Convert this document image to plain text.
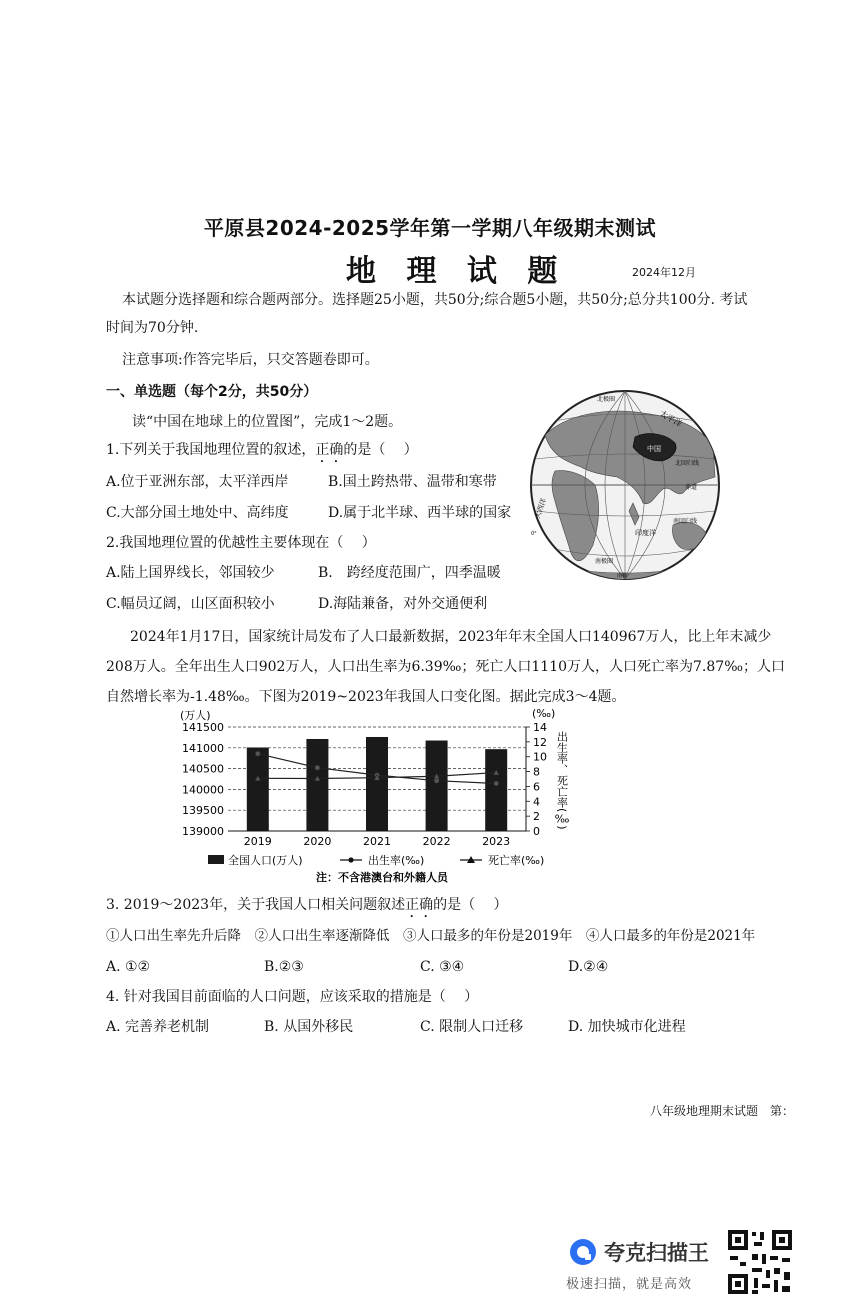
平原县2024-2025学年第一学期八年级期末测试
地 理 试 题	2024年12月
本试题分选择题和综合题两部分。选择题25小题，共50分;综合题5小题，共50分;总分共100分. 考试
时间为70分钟.
注意事项:作答完毕后，只交答题卷即可。
一、单选题（每个2分，共50分）
读“中国在地球上的位置图”，完成1～2题。
1.下列关于我国地理位置的叙述，正确的是（　 ）
A.位于亚洲东部，太平洋西岸	B.国土跨热带、温带和寒带
C.大部分国土地处中、高纬度	D.属于北半球、西半球的国家
2.我国地理位置的优越性主要体现在（　 ）
A.陆上国界线长，邻国较少	B.　跨经度范围广，四季温暖
C.幅员辽阔，山区面积较小	D.海陆兼备，对外交通便利
中国
北极圈
太平洋
北回归线
赤道
印度洋
大西洋
南回归线
南极圈
南极
0°
2024年1月17日，国家统计局发布了人口最新数据，2023年年末全国人口140967万人，比上年末减少
208万人。全年出生人口902万人，人口出生率为6.39‰；死亡人口1110万人，人口死亡率为7.87‰；人口
自然增长率为-1.48‰。下图为2019~2023年我国人口变化图。据此完成3～4题。
(万人)	(‰)
出生率、死亡率(‰)
141500
141000
140500
140000
139500
139000
14
12
10
8
6
4
2
0
2019	2020	2021	2022	2023
全国人口(万人)	出生率(‰)	死亡率(‰)
注：不含港澳台和外籍人员
3. 2019～2023年，关于我国人口相关问题叙述正确的是（　 ）
①人口出生率先升后降　②人口出生率逐渐降低　③人口最多的年份是2019年　④人口最多的年份是2021年
A. ①②	B.②③	C. ③④	D.②④
4. 针对我国目前面临的人口问题，应该采取的措施是（　 ）
A. 完善养老机制	B. 从国外移民	C. 限制人口迁移	D. 加快城市化进程
八年级地理期末试题　第：
夸克扫描王
极速扫描，就是高效
